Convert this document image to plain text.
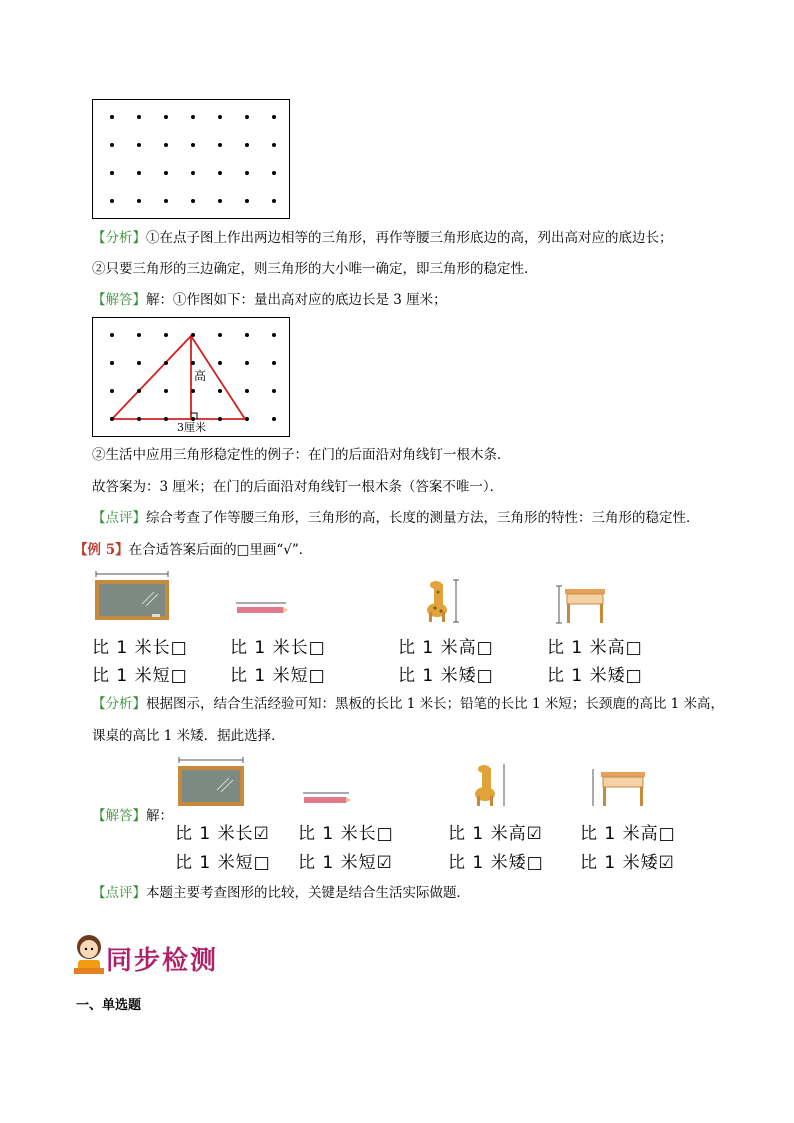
【分析】①在点子图上作出两边相等的三角形，再作等腰三角形底边的高，列出高对应的底边长；
②只要三角形的三边确定，则三角形的大小唯一确定，即三角形的稳定性．
【解答】解：①作图如下：量出高对应的底边长是 3 厘米；
高
3厘米
②生活中应用三角形稳定性的例子：在门的后面沿对角线钉一根木条．
故答案为：3 厘米；在门的后面沿对角线钉一根木条（答案不唯一）．
【点评】综合考查了作等腰三角形，三角形的高，长度的测量方法，三角形的特性：三角形的稳定性．
【例 5】在合适答案后面的□里画“√”．
比 1 米长□
比 1 米短□
比 1 米长□
比 1 米短□
比 1 米高□
比 1 米矮□
比 1 米高□
比 1 米矮□
【分析】根据图示，结合生活经验可知：黑板的长比 1 米长；铅笔的长比 1 米短；长颈鹿的高比 1 米高，
课桌的高比 1 米矮．据此选择．
【解答】解：
比 1 米长☑
比 1 米短□
比 1 米长□
比 1 米短☑
比 1 米高☑
比 1 米矮□
比 1 米高□
比 1 米矮☑
【点评】本题主要考查图形的比较，关键是结合生活实际做题．
同步检测
一、单选题
